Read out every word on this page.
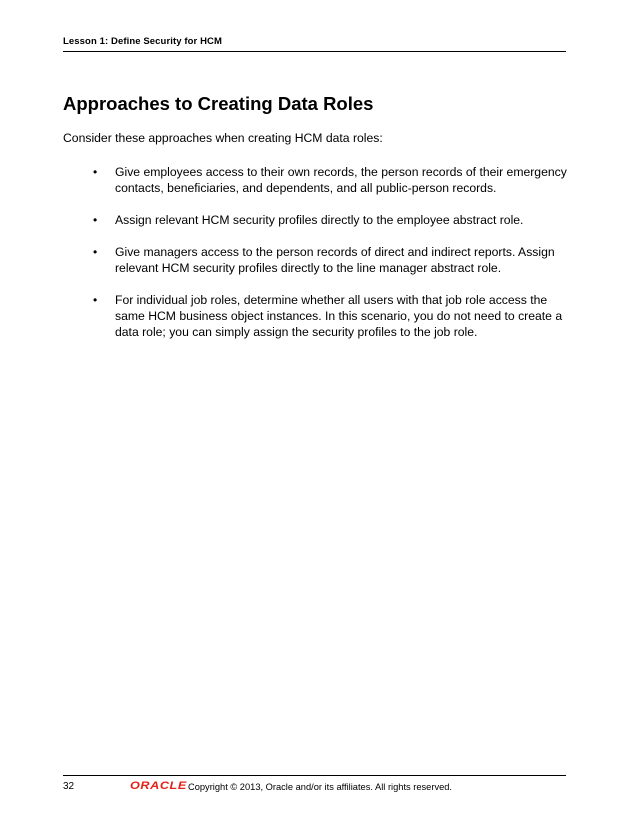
Lesson 1: Define Security for HCM
Approaches to Creating Data Roles

Consider these approaches when creating HCM data roles:

• Give employees access to their own records, the person records of their emergency contacts, beneficiaries, and dependents, and all public-person records.
• Assign relevant HCM security profiles directly to the employee abstract role.
• Give managers access to the person records of direct and indirect reports. Assign relevant HCM security profiles directly to the line manager abstract role.
• For individual job roles, determine whether all users with that job role access the same HCM business object instances. In this scenario, you do not need to create a data role; you can simply assign the security profiles to the job role.
32	ORACLE Copyright © 2013, Oracle and/or its affiliates. All rights reserved.
